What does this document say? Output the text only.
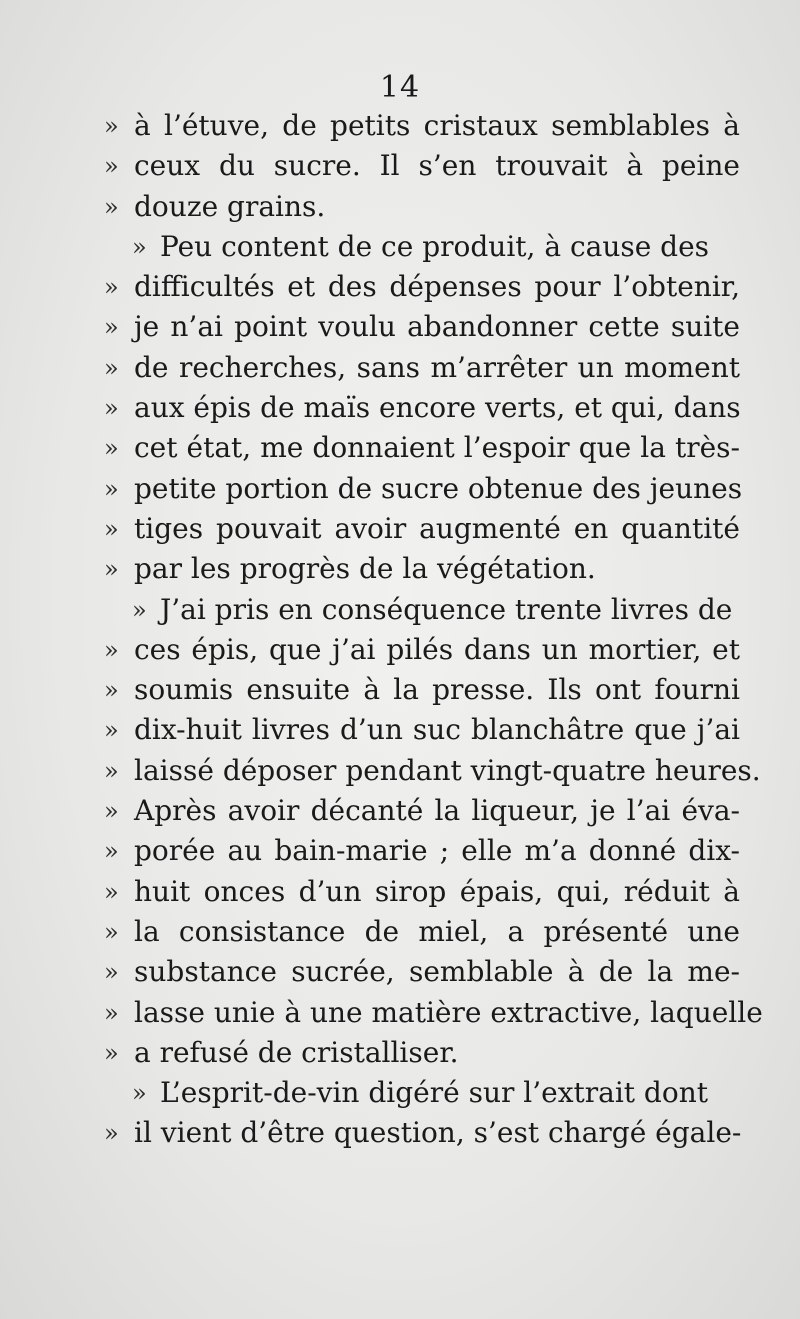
14
» à l’étuve, de petits cristaux semblables à
» ceux du sucre. Il s’en trouvait à peine
» douze grains.
» Peu content de ce produit, à cause des
» difficultés et des dépenses pour l’obtenir,
» je n’ai point voulu abandonner cette suite
» de recherches, sans m’arrêter un moment
» aux épis de maïs encore verts, et qui, dans
» cet état, me donnaient l’espoir que la très-
» petite portion de sucre obtenue des jeunes
» tiges pouvait avoir augmenté en quantité
» par les progrès de la végétation.
» J’ai pris en conséquence trente livres de
» ces épis, que j’ai pilés dans un mortier, et
» soumis ensuite à la presse. Ils ont fourni
» dix-huit livres d’un suc blanchâtre que j’ai
» laissé déposer pendant vingt-quatre heures.
» Après avoir décanté la liqueur, je l’ai éva-
» porée au bain-marie ; elle m’a donné dix-
» huit onces d’un sirop épais, qui, réduit à
» la consistance de miel, a présenté une
» substance sucrée, semblable à de la me-
» lasse unie à une matière extractive, laquelle
» a refusé de cristalliser.
» L’esprit-de-vin digéré sur l’extrait dont
» il vient d’être question, s’est chargé égale-
